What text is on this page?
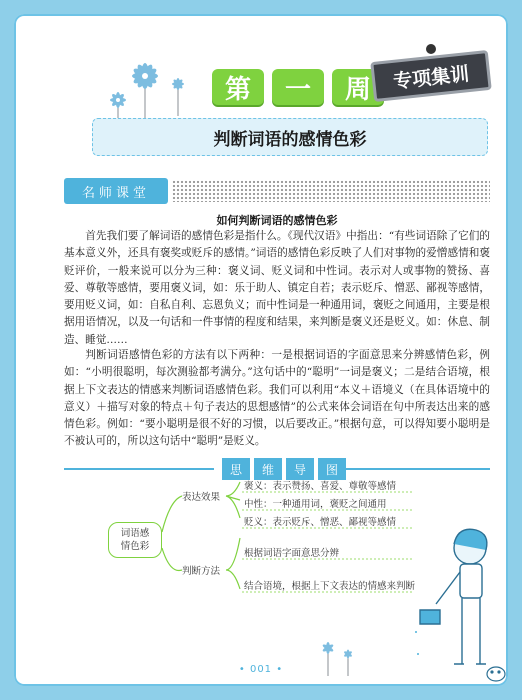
第	一	周	专项集训
判断词语的感情色彩
名师课堂
如何判断词语的感情色彩

首先我们要了解词语的感情色彩是指什么。《现代汉语》中指出：“有些词语除了它们的基本意义外，还具有褒奖或贬斥的感情。”词语的感情色彩反映了人们对事物的爱憎感情和褒贬评价，一般来说可以分为三种：褒义词、贬义词和中性词。表示对人或事物的赞扬、喜爱、尊敬等感情，要用褒义词，如：乐于助人、镇定自若；表示贬斥、憎恶、鄙视等感情，要用贬义词，如：自私自利、忘恩负义；而中性词是一种通用词，褒贬之间通用，主要是根据用语情况，以及一句话和一件事情的程度和结果，来判断是褒义还是贬义。如：休息、制造、睡觉……

判断词语感情色彩的方法有以下两种：一是根据词语的字面意思来分辨感情色彩，例如：“小明很聪明，每次测验都考满分。”这句话中的“聪明”一词是褒义；二是结合语境，根据上下文表达的情感来判断词语感情色彩。我们可以利用“本义＋语境义（在具体语境中的意义）＋描写对象的特点＋句子表达的思想感情”的公式来体会词语在句中所表达出来的感情色彩。例如：“要小聪明是很不好的习惯，以后要改正。”根据句意，可以得知要小聪明是不被认可的，所以这句话中“聪明”是贬义。

思	维	导	图
词语感
情色彩
表达效果
褒义：表示赞扬、喜爱、尊敬等感情
中性：一种通用词，褒贬之间通用
贬义：表示贬斥、憎恶、鄙视等感情
判断方法
根据词语字面意思分辨
结合语境，根据上下文表达的情感来判断
• 001 •
